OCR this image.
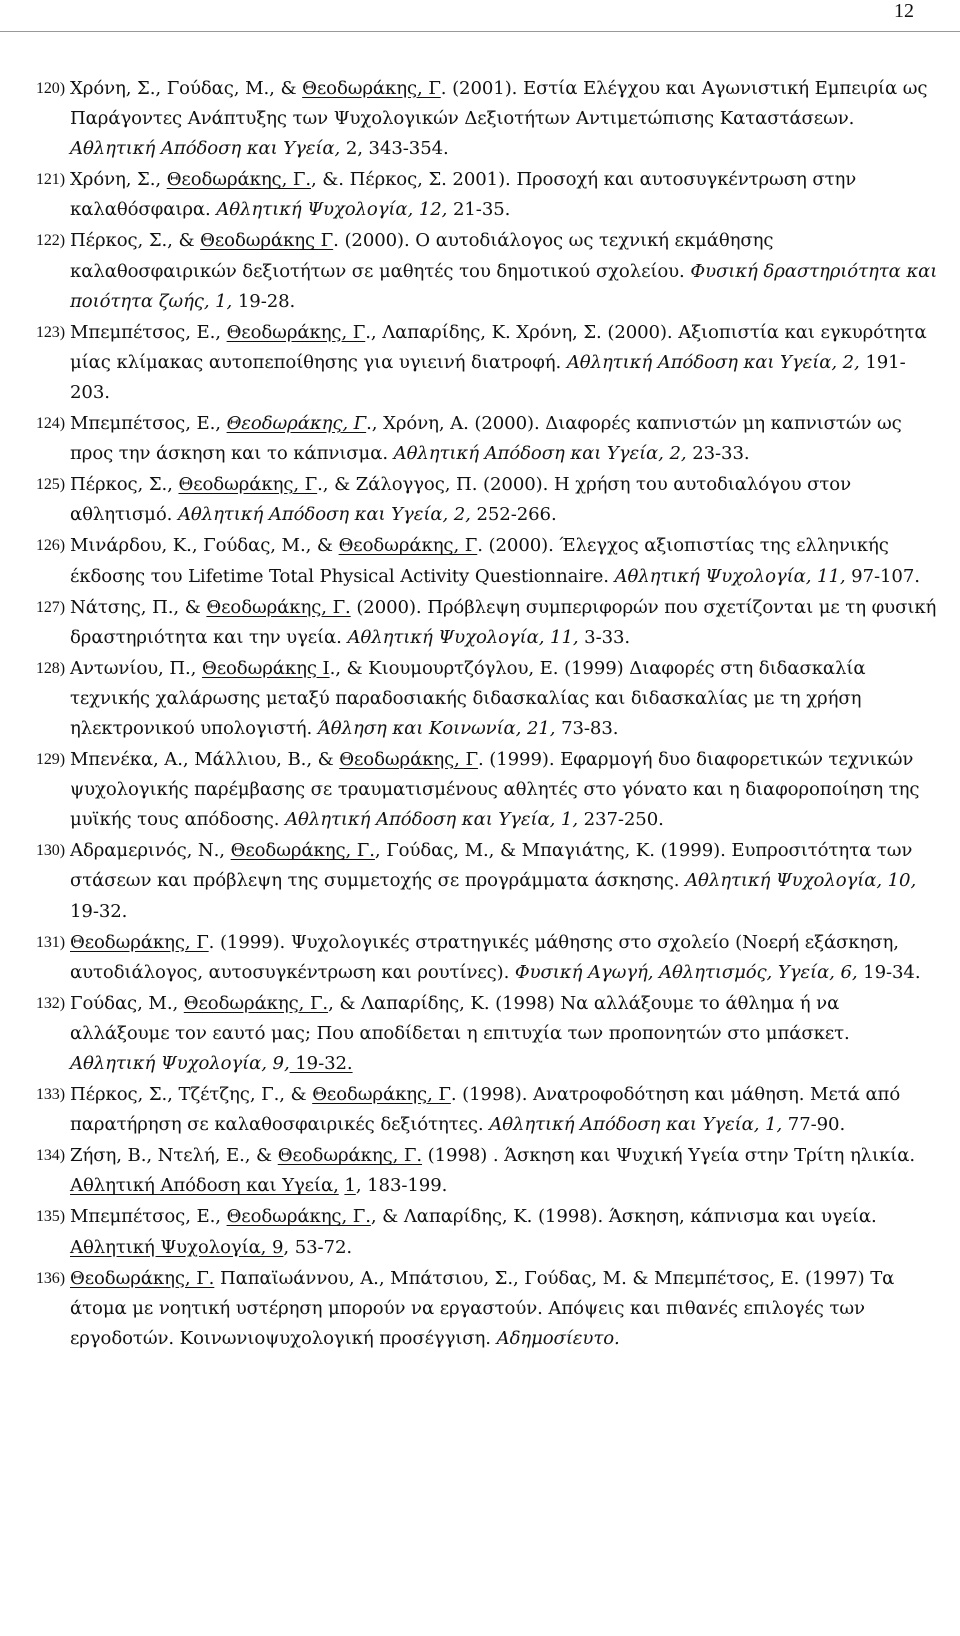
12
120) Χρόνη, Σ., Γούδας, Μ., & Θεοδωράκης, Γ. (2001). Εστία Ελέγχου και Αγωνιστική Εμπειρία ως Παράγοντες Ανάπτυξης των Ψυχολογικών Δεξιοτήτων Αντιμετώπισης Καταστάσεων. Αθλητική Απόδοση και Υγεία, 2, 343-354.
121) Χρόνη, Σ., Θεοδωράκης, Γ., &. Πέρκος, Σ. 2001). Προσοχή και αυτοσυγκέντρωση στην καλαθόσφαιρα. Αθλητική Ψυχολογία, 12, 21-35.
122) Πέρκος, Σ., & Θεοδωράκης Γ. (2000). Ο αυτοδιάλογος ως τεχνική εκμάθησης καλαθοσφαιρικών δεξιοτήτων σε μαθητές του δημοτικού σχολείου. Φυσική δραστηριότητα και ποιότητα ζωής, 1, 19-28.
123) Μπεμπέτσος, Ε., Θεοδωράκης, Γ., Λαπαρίδης, Κ. Χρόνη, Σ. (2000). Αξιοπιστία και εγκυρότητα μίας κλίμακας αυτοπεποίθησης για υγιεινή διατροφή. Αθλητική Απόδοση και Υγεία, 2, 191-203.
124) Μπεμπέτσος, Ε., Θεοδωράκης, Γ., Χρόνη, Α. (2000). Διαφορές καπνιστών μη καπνιστών ως προς την άσκηση και το κάπνισμα. Αθλητική Απόδοση και Υγεία, 2, 23-33.
125) Πέρκος, Σ., Θεοδωράκης, Γ., & Ζάλογγος, Π. (2000). Η χρήση του αυτοδιαλόγου στον αθλητισμό. Αθλητική Απόδοση και Υγεία, 2, 252-266.
126) Μινάρδου, Κ., Γούδας, Μ., & Θεοδωράκης, Γ. (2000). Έλεγχος αξιοπιστίας της ελληνικής έκδοσης του Lifetime Total Physical Activity Questionnaire. Αθλητική Ψυχολογία, 11, 97-107.
127) Νάτσης, Π., & Θεοδωράκης, Γ. (2000). Πρόβλεψη συμπεριφορών που σχετίζονται με τη φυσική δραστηριότητα και την υγεία. Αθλητική Ψυχολογία, 11, 3-33.
128) Αντωνίου, Π., Θεοδωράκης Ι., & Κιουμουρτζόγλου, Ε. (1999) Διαφορές στη διδασκαλία τεχνικής χαλάρωσης μεταξύ παραδοσιακής διδασκαλίας και διδασκαλίας με τη χρήση ηλεκτρονικού υπολογιστή. Άθληση και Κοινωνία, 21, 73-83.
129) Μπενέκα, Α., Μάλλιου, Β., & Θεοδωράκης, Γ. (1999). Εφαρμογή δυο διαφορετικών τεχνικών ψυχολογικής παρέμβασης σε τραυματισμένους αθλητές στο γόνατο και η διαφοροποίηση της μυϊκής τους απόδοσης. Αθλητική Απόδοση και Υγεία, 1, 237-250.
130) Αδραμερινός, Ν., Θεοδωράκης, Γ., Γούδας, Μ., & Μπαγιάτης, Κ. (1999). Ευπροσιτότητα των στάσεων και πρόβλεψη της συμμετοχής σε προγράμματα άσκησης. Αθλητική Ψυχολογία, 10, 19-32.
131) Θεοδωράκης, Γ. (1999). Ψυχολογικές στρατηγικές μάθησης στο σχολείο (Νοερή εξάσκηση, αυτοδιάλογος, αυτοσυγκέντρωση και ρουτίνες). Φυσική Αγωγή, Αθλητισμός, Υγεία, 6, 19-34.
132) Γούδας, Μ., Θεοδωράκης, Γ., & Λαπαρίδης, Κ. (1998) Να αλλάξουμε το άθλημα ή να αλλάξουμε τον εαυτό μας; Που αποδίδεται η επιτυχία των προπονητών στο μπάσκετ. Αθλητική Ψυχολογία, 9, 19-32.
133) Πέρκος, Σ., Τζέτζης, Γ., & Θεοδωράκης, Γ. (1998). Ανατροφοδότηση και μάθηση. Μετά από παρατήρηση σε καλαθοσφαιρικές δεξιότητες. Αθλητική Απόδοση και Υγεία, 1, 77-90.
134) Ζήση, Β., Ντελή, Ε., & Θεοδωράκης, Γ. (1998) . Άσκηση και Ψυχική Υγεία στην Τρίτη ηλικία. Αθλητική Απόδοση και Υγεία, 1, 183-199.
135) Μπεμπέτσος, Ε., Θεοδωράκης, Γ., & Λαπαρίδης, Κ. (1998). Άσκηση, κάπνισμα και υγεία. Αθλητική Ψυχολογία, 9, 53-72.
136) Θεοδωράκης, Γ. Παπαϊωάννου, Α., Μπάτσιου, Σ., Γούδας, Μ. & Μπεμπέτσος, Ε. (1997) Τα άτομα με νοητική υστέρηση μπορούν να εργαστούν. Απόψεις και πιθανές επιλογές των εργοδοτών. Κοινωνιοψυχολογική προσέγγιση. Αδημοσίευτο.
